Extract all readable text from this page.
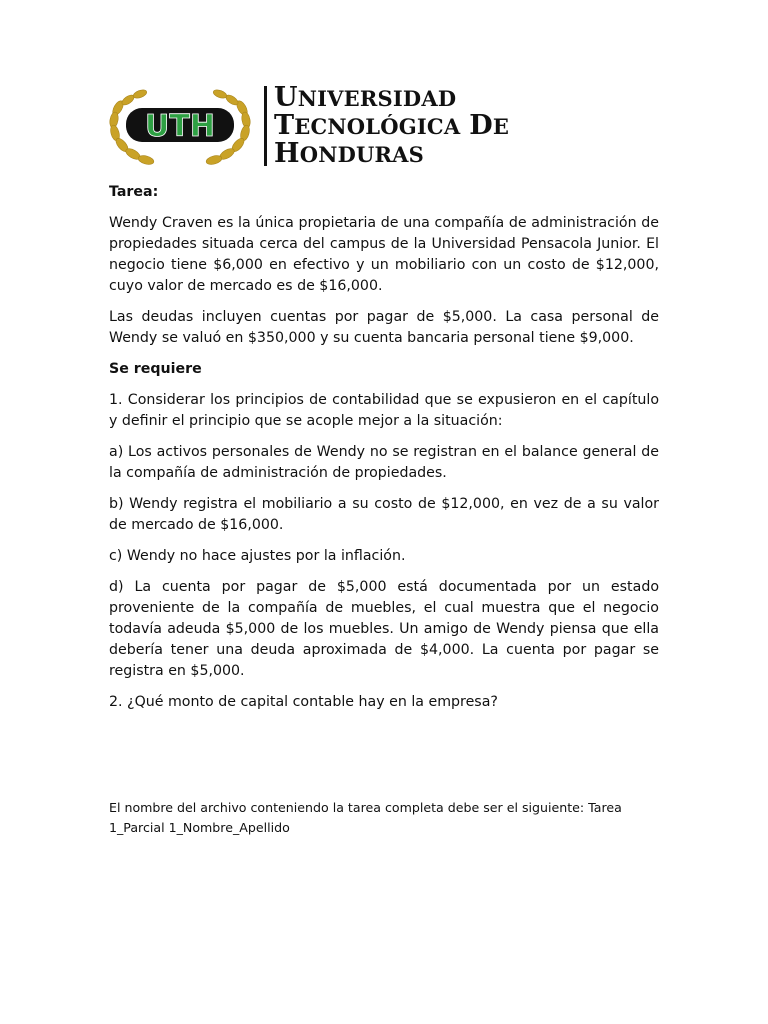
UTH
UNIVERSIDAD
TECNOLÓGICA DE
HONDURAS

Tarea:

Wendy Craven es la única propietaria de una compañía de administración de propiedades situada cerca del campus de la Universidad Pensacola Junior. El negocio tiene $6,000 en efectivo y un mobiliario con un costo de $12,000, cuyo valor de mercado es de $16,000.

Las deudas incluyen cuentas por pagar de $5,000. La casa personal de Wendy se valuó en $350,000 y su cuenta bancaria personal tiene $9,000.

Se requiere

1. Considerar los principios de contabilidad que se expusieron en el capítulo y definir el principio que se acople mejor a la situación:

a) Los activos personales de Wendy no se registran en el balance general de la compañía de administración de propiedades.

b) Wendy registra el mobiliario a su costo de $12,000, en vez de a su valor de mercado de $16,000.

c) Wendy no hace ajustes por la inflación.

d) La cuenta por pagar de $5,000 está documentada por un estado proveniente de la compañía de muebles, el cual muestra que el negocio todavía adeuda $5,000 de los muebles. Un amigo de Wendy piensa que ella debería tener una deuda aproximada de $4,000. La cuenta por pagar se registra en $5,000.

2. ¿Qué monto de capital contable hay en la empresa?

El nombre del archivo conteniendo la tarea completa debe ser el siguiente: Tarea 1_Parcial 1_Nombre_Apellido
